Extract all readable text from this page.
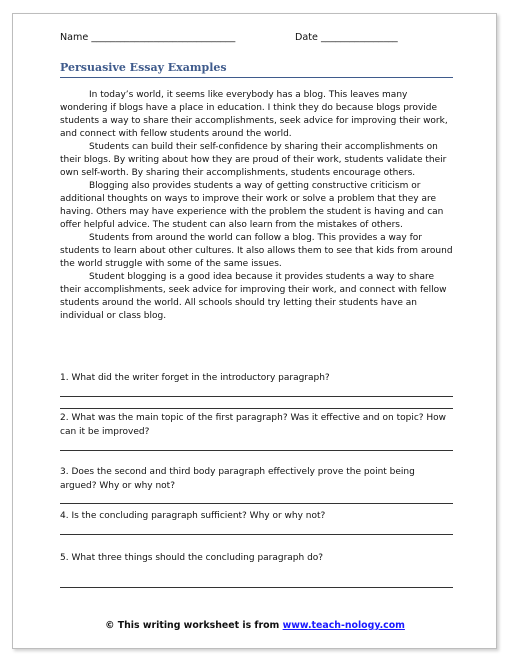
Name ______________________________	Date ________________
Persuasive Essay Examples

In today’s world, it seems like everybody has a blog. This leaves many wondering if blogs have a place in education. I think they do because blogs provide students a way to share their accomplishments, seek advice for improving their work, and connect with fellow students around the world.

Students can build their self-confidence by sharing their accomplishments on their blogs. By writing about how they are proud of their work, students validate their own self-worth. By sharing their accomplishments, students encourage others.

Blogging also provides students a way of getting constructive criticism or additional thoughts on ways to improve their work or solve a problem that they are having. Others may have experience with the problem the student is having and can offer helpful advice. The student can also learn from the mistakes of others.

Students from around the world can follow a blog. This provides a way for students to learn about other cultures. It also allows them to see that kids from around the world struggle with some of the same issues.

Student blogging is a good idea because it provides students a way to share their accomplishments, seek advice for improving their work, and connect with fellow students around the world. All schools should try letting their students have an individual or class blog.

1. What did the writer forget in the introductory paragraph?
2. What was the main topic of the first paragraph? Was it effective and on topic? How can it be improved?
3. Does the second and third body paragraph effectively prove the point being argued? Why or why not?
4. Is the concluding paragraph sufficient? Why or why not?
5. What three things should the concluding paragraph do?
© This writing worksheet is from www.teach-nology.com
